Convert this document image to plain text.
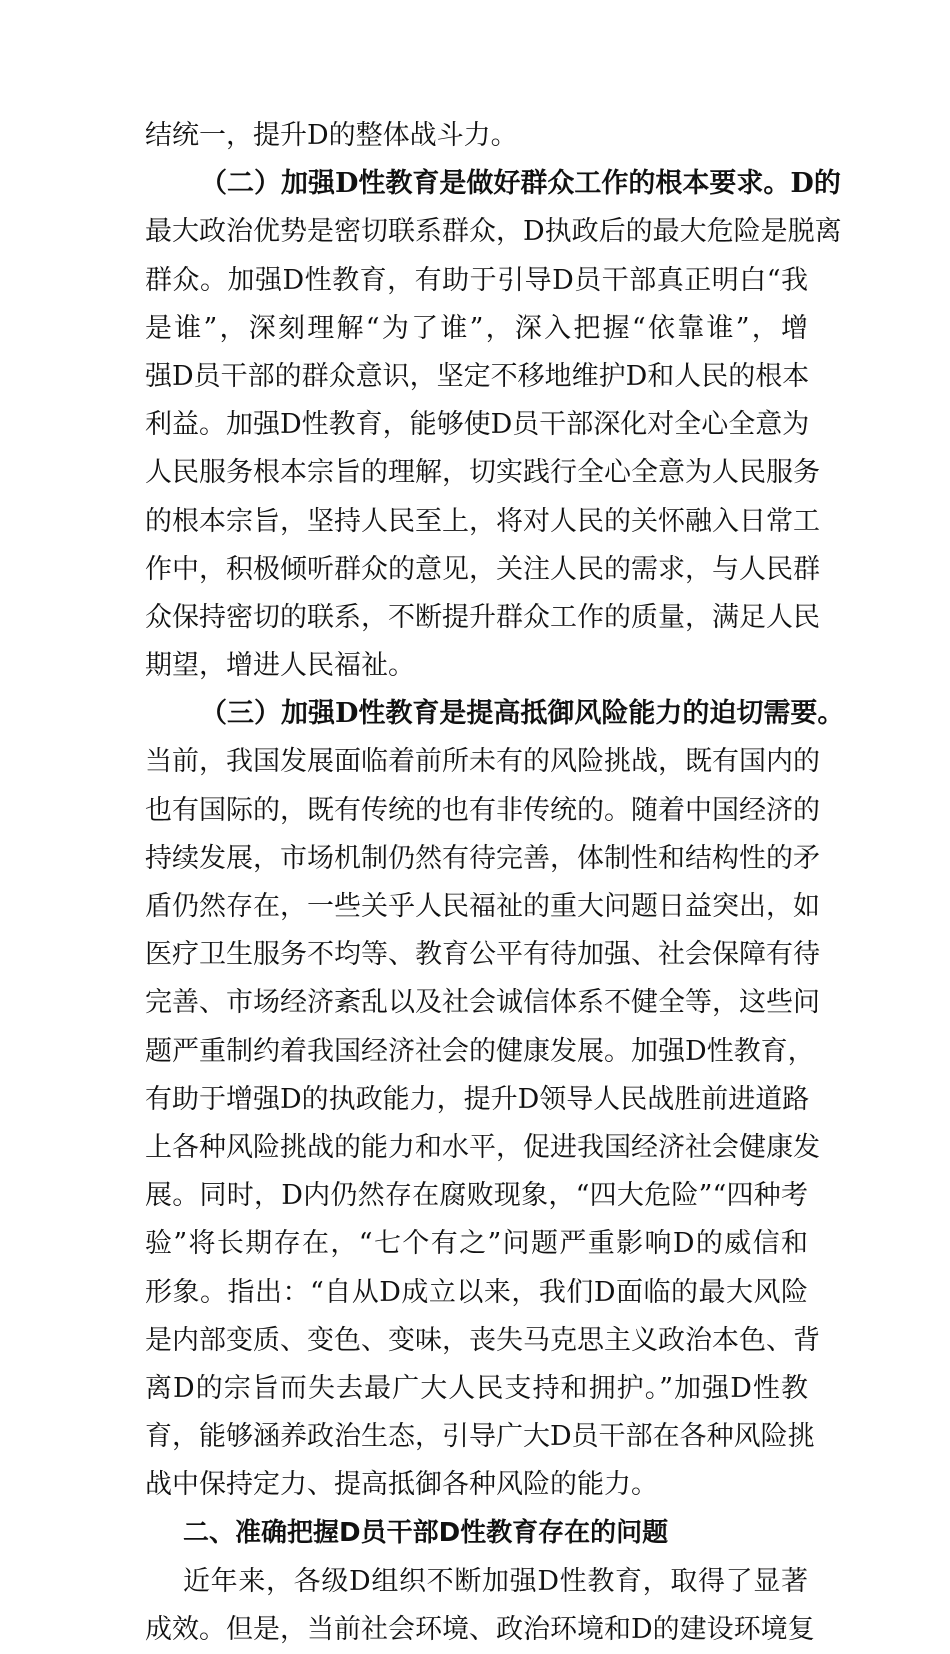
结统一，提升D的整体战斗力。
（二）加强D性教育是做好群众工作的根本要求。D的
最大政治优势是密切联系群众，D执政后的最大危险是脱离
群众。加强D性教育，有助于引导D员干部真正明白“我
是谁”，深刻理解“为了谁”，深入把握“依靠谁”，增
强D员干部的群众意识，坚定不移地维护D和人民的根本
利益。加强D性教育，能够使D员干部深化对全心全意为
人民服务根本宗旨的理解，切实践行全心全意为人民服务
的根本宗旨，坚持人民至上，将对人民的关怀融入日常工
作中，积极倾听群众的意见，关注人民的需求，与人民群
众保持密切的联系，不断提升群众工作的质量，满足人民
期望，增进人民福祉。
（三）加强D性教育是提高抵御风险能力的迫切需要。
当前，我国发展面临着前所未有的风险挑战，既有国内的
也有国际的，既有传统的也有非传统的。随着中国经济的
持续发展，市场机制仍然有待完善，体制性和结构性的矛
盾仍然存在，一些关乎人民福祉的重大问题日益突出，如
医疗卫生服务不均等、教育公平有待加强、社会保障有待
完善、市场经济紊乱以及社会诚信体系不健全等，这些问
题严重制约着我国经济社会的健康发展。加强D性教育，
有助于增强D的执政能力，提升D领导人民战胜前进道路
上各种风险挑战的能力和水平，促进我国经济社会健康发
展。同时，D内仍然存在腐败现象，“四大危险”“四种考
验”将长期存在，“七个有之”问题严重影响D的威信和
形象。指出：“自从D成立以来，我们D面临的最大风险
是内部变质、变色、变味，丧失马克思主义政治本色、背
离D的宗旨而失去最广大人民支持和拥护。”加强D性教
育，能够涵养政治生态，引导广大D员干部在各种风险挑
战中保持定力、提高抵御各种风险的能力。
二、准确把握D员干部D性教育存在的问题
近年来，各级D组织不断加强D性教育，取得了显著
成效。但是，当前社会环境、政治环境和D的建设环境复
